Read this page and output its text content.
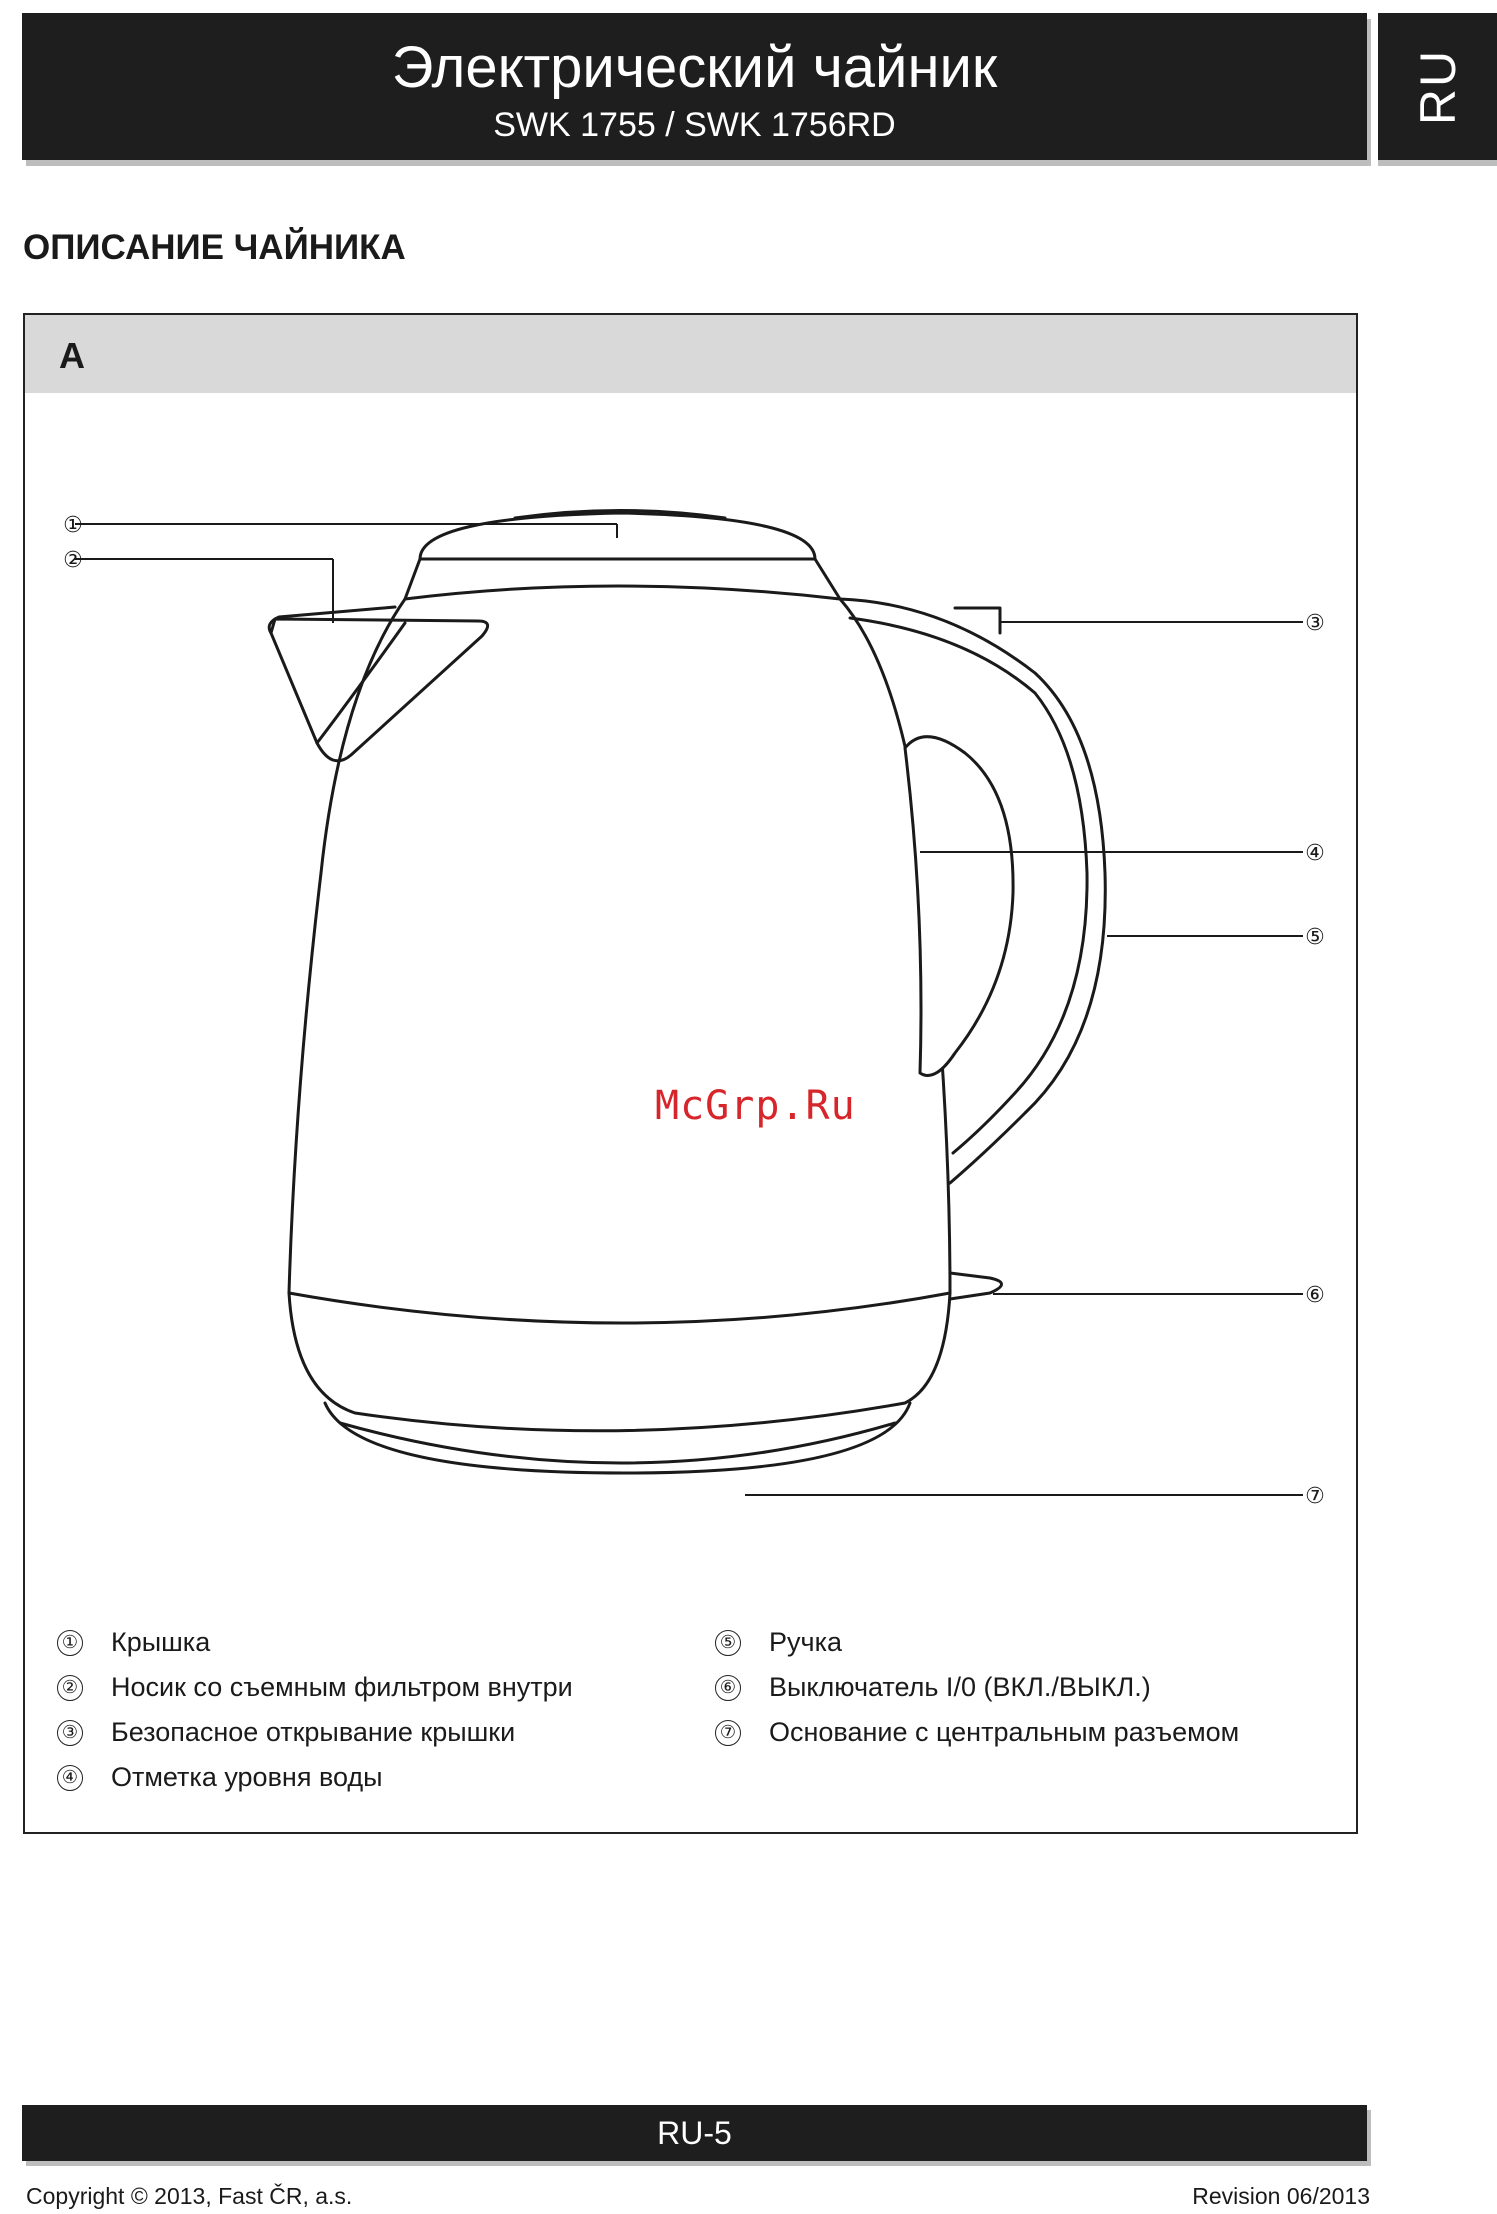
Электрический чайник
SWK 1755 / SWK 1756RD
RU
ОПИСАНИЕ ЧАЙНИКА
A
①
②
③
④
⑤
⑥
⑦
① Крышка
② Носик со съемным фильтром внутри
③ Безопасное открывание крышки
④ Отметка уровня воды
⑤ Ручка
⑥ Выключатель I/0 (ВКЛ./ВЫКЛ.)
⑦ Основание с центральным разъемом
McGrp.Ru
RU-5
Copyright © 2013, Fast ČR, a.s.	Revision 06/2013
